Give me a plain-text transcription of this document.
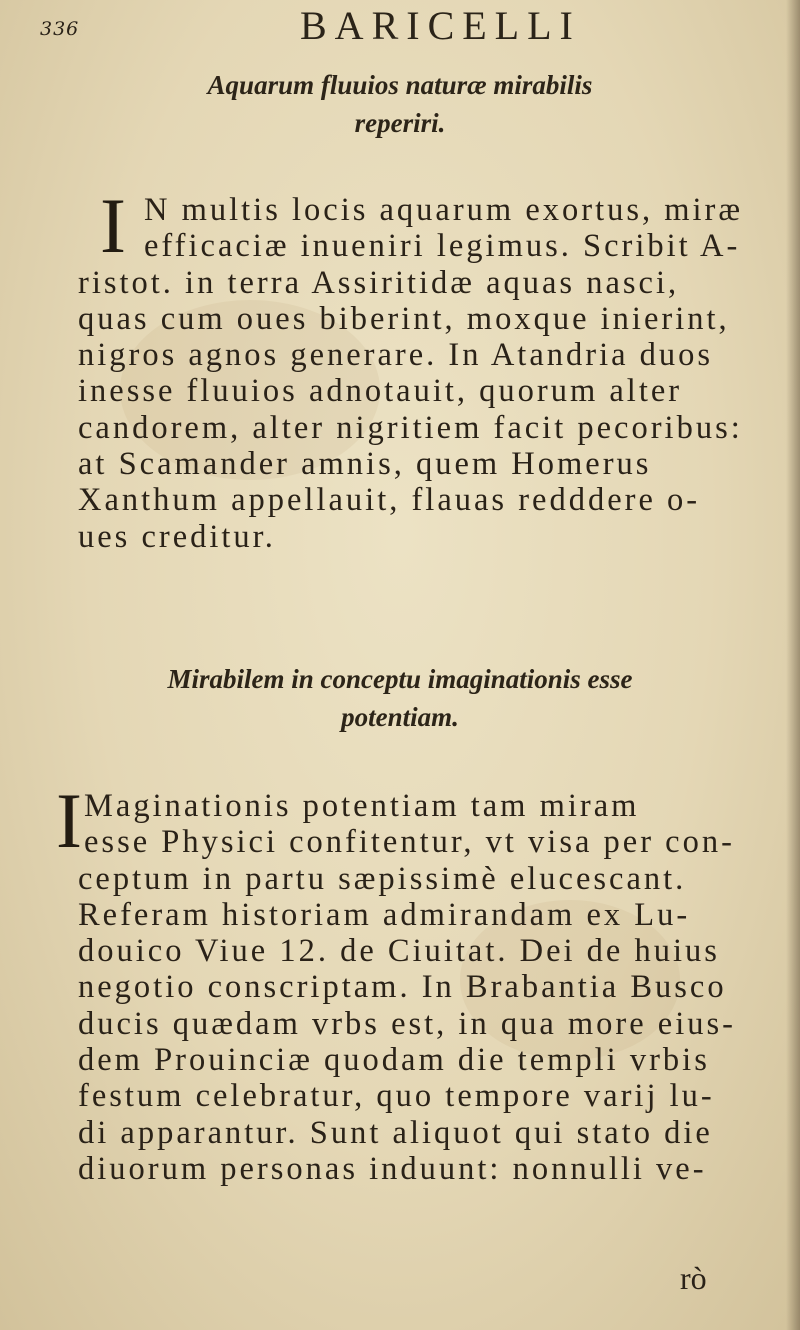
336	BARICELLI
Aquarum fluuios naturæ mirabilis
reperiri.
I N multis locis aquarum exortus, miræ
efficaciæ inueniri legimus. Scribit A-
ristot. in terra Assiritidæ aquas nasci,
quas cum oues biberint, moxque inierint,
nigros agnos generare. In Atandria duos
inesse fluuios adnotauit, quorum alter
candorem, alter nigritiem facit pecoribus:
at Scamander amnis, quem Homerus
Xanthum appellauit, flauas redddere o-
ues creditur.
Mirabilem in conceptu imaginationis esse
potentiam.
I Maginationis potentiam tam miram
esse Physici confitentur, vt visa per con-
ceptum in partu sæpissimè elucescant.
Referam historiam admirandam ex Lu-
douico Viue 12. de Ciuitat. Dei de huius
negotio conscriptam. In Brabantia Busco
ducis quædam vrbs est, in qua more eius-
dem Prouinciæ quodam die templi vrbis
festum celebratur, quo tempore varij lu-
di apparantur. Sunt aliquot qui stato die
diuorum personas induunt: nonnulli ve-
rò
